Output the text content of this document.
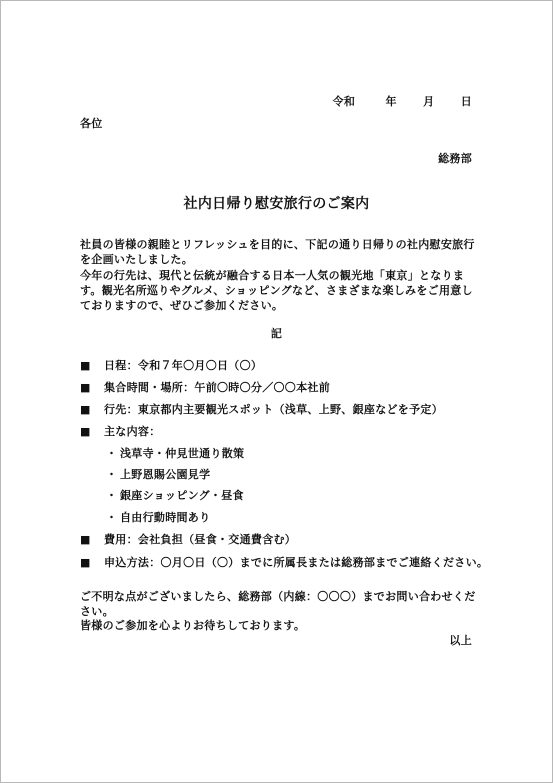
令和	年 月 日
各位
総務部
社内日帰り慰安旅行のご案内
社員の皆様の親睦とリフレッシュを目的に、下記の通り日帰りの社内慰安旅行を企画いたしました。
今年の行先は、現代と伝統が融合する日本一人気の観光地「東京」となります。観光名所巡りやグルメ、ショッピングなど、さまざまな楽しみをご用意しておりますので、ぜひご参加ください。
記
■ 日程：令和７年〇月〇日（〇）
■ 集合時間・場所：午前〇時〇分／〇〇本社前
■ 行先：東京都内主要観光スポット（浅草、上野、銀座などを予定）
■ 主な内容：
・ 浅草寺・仲見世通り散策
・ 上野恩賜公園見学
・ 銀座ショッピング・昼食
・ 自由行動時間あり
■ 費用：会社負担（昼食・交通費含む）
■ 申込方法：〇月〇日（〇）までに所属長または総務部までご連絡ください。
ご不明な点がございましたら、総務部（内線：〇〇〇）までお問い合わせください。
皆様のご参加を心よりお待ちしております。
以上
